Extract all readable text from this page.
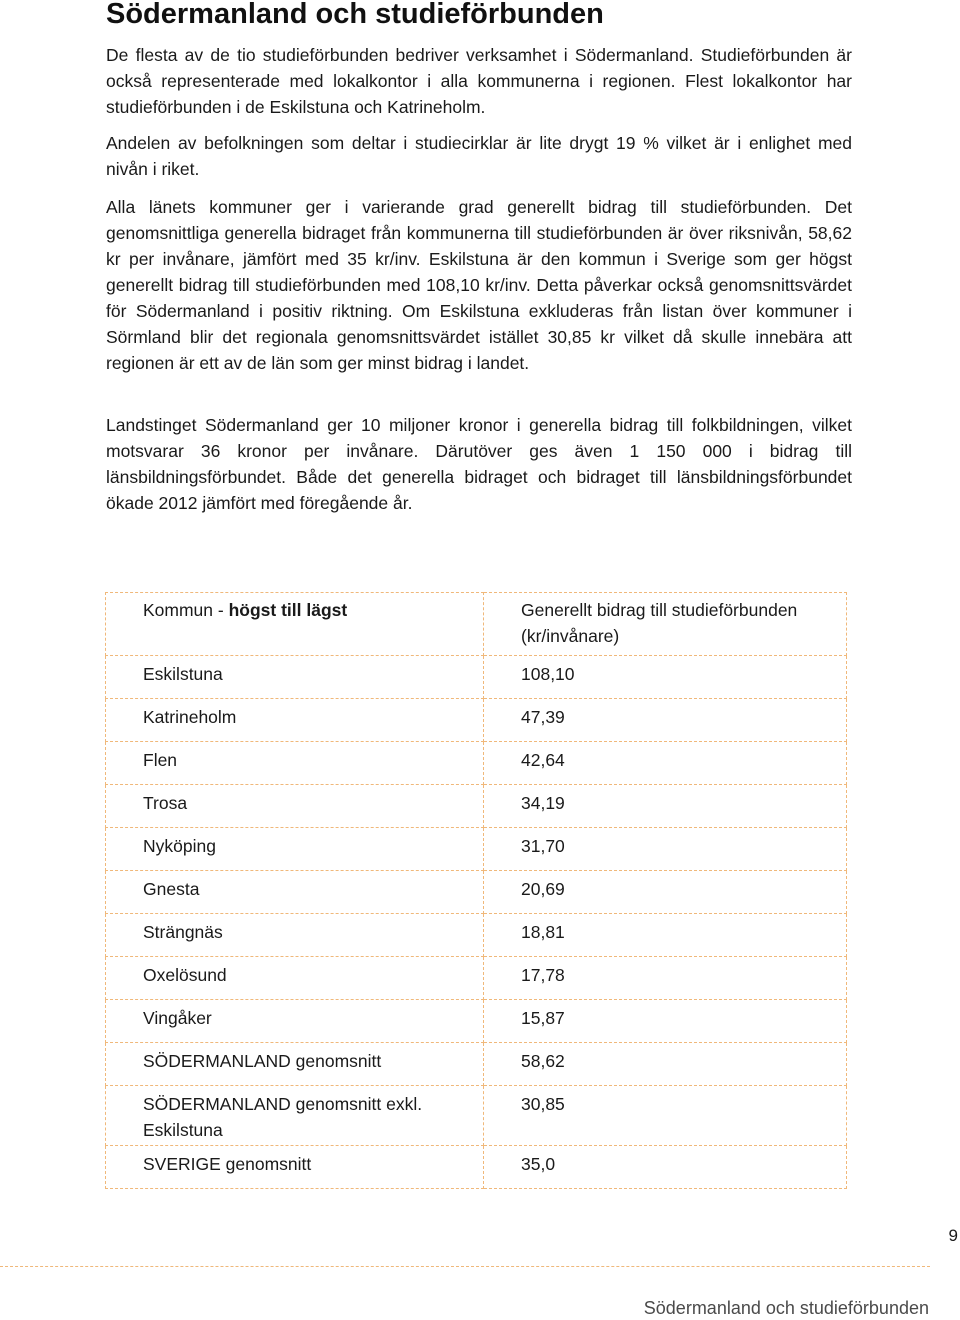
Södermanland och studieförbunden

De flesta av de tio studieförbunden bedriver verksamhet i Södermanland. Studieförbunden är också representerade med lokalkontor i alla kommunerna i regionen. Flest lokalkontor har studieförbunden i de Eskilstuna och Katrineholm.

Andelen av befolkningen som deltar i studiecirklar är lite drygt 19 % vilket är i enlighet med nivån i riket.

Alla länets kommuner ger i varierande grad generellt bidrag till studieförbunden. Det genomsnittliga generella bidraget från kommunerna till studieförbunden är över riksnivån, 58,62 kr per invånare, jämfört med 35 kr/inv. Eskilstuna är den kommun i Sverige som ger högst generellt bidrag till studieförbunden med 108,10 kr/inv. Detta påverkar också genomsnittsvärdet för Södermanland i positiv riktning. Om Eskilstuna exkluderas från listan över kommuner i Sörmland blir det regionala genomsnittsvärdet istället 30,85 kr vilket då skulle innebära att regionen är ett av de län som ger minst bidrag i landet.

Landstinget Södermanland ger 10 miljoner kronor i generella bidrag till folkbildningen, vilket motsvarar 36 kronor per invånare. Därutöver ges även 1 150 000 i bidrag till länsbildningsförbundet. Både det generella bidraget och bidraget till länsbildningsförbundet ökade 2012 jämfört med föregående år.

Kommun - högst till lägst	Generellt bidrag till studieförbunden (kr/invånare)
Eskilstuna	108,10
Katrineholm	47,39
Flen	42,64
Trosa	34,19
Nyköping	31,70
Gnesta	20,69
Strängnäs	18,81
Oxelösund	17,78
Vingåker	15,87
SÖDERMANLAND genomsnitt	58,62
SÖDERMANLAND genomsnitt exkl. Eskilstuna	30,85
SVERIGE genomsnitt	35,0
9
Södermanland och studieförbunden
